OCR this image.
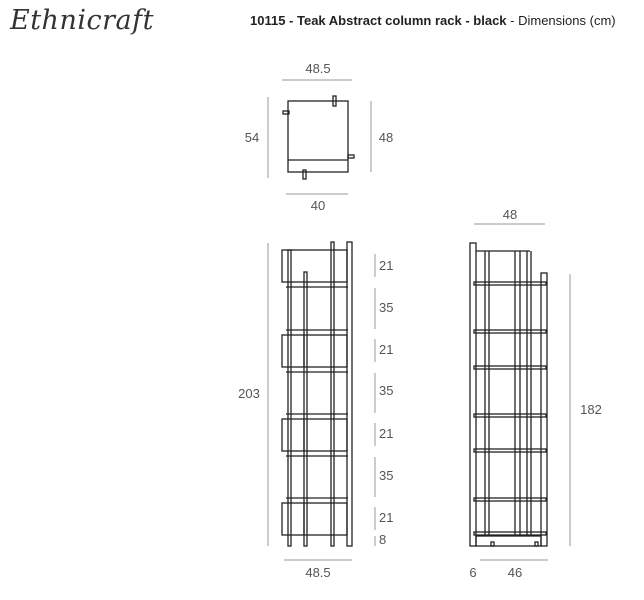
Ethnicraft	10115 - Teak Abstract column rack - black - Dimensions (cm)
48.5
54	48
40
203
48.5
21
35
21
35
21
35
21
8
48
182
6 46
